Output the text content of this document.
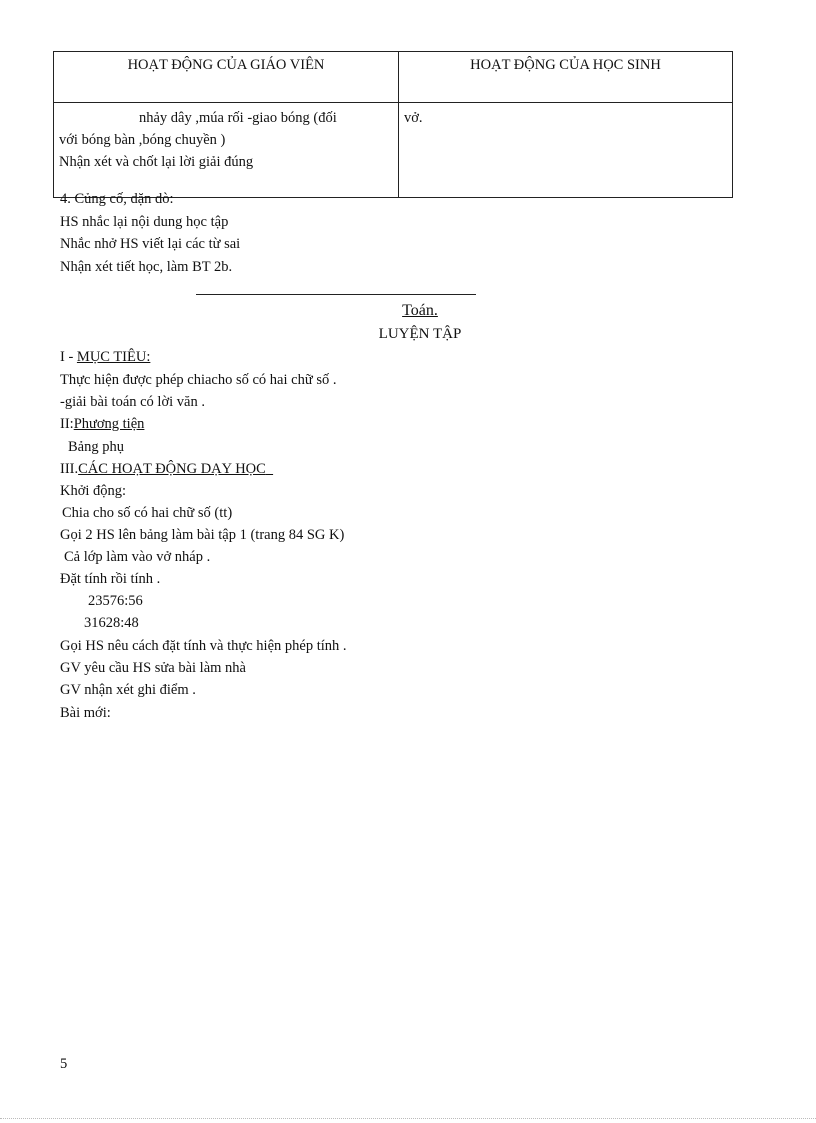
HOẠT ĐỘNG CỦA GIÁO VIÊN	HOẠT ĐỘNG CỦA HỌC SINH

nhảy dây ,múa rối -giao bóng (đối
với bóng bàn ,bóng chuyền )
Nhận xét và chốt lại lời giải đúng	vở.
4. Củng cố, dặn dò:
HS nhắc lại nội dung học tập
Nhắc nhở HS viết lại các từ sai
Nhận xét tiết học, làm BT 2b.
Toán.
LUYỆN TẬP
I - MỤC TIÊU:
Thực hiện được phép chiacho số có hai chữ số .
-giải bài toán có lời văn .
II:Phương tiện
Bảng phụ
III.CÁC HOẠT ĐỘNG DẠY HỌC
Khởi động:
Chia cho số có hai chữ số (tt)
Gọi 2 HS lên bảng làm bài tập 1 (trang 84 SG K)
Cả lớp làm vào vở nháp .
Đặt tính rồi tính .
23576:56
31628:48
Gọi HS nêu cách đặt tính và thực hiện phép tính .
GV yêu cầu HS sửa bài làm nhà
GV nhận xét ghi điểm .
Bài mới:
5
